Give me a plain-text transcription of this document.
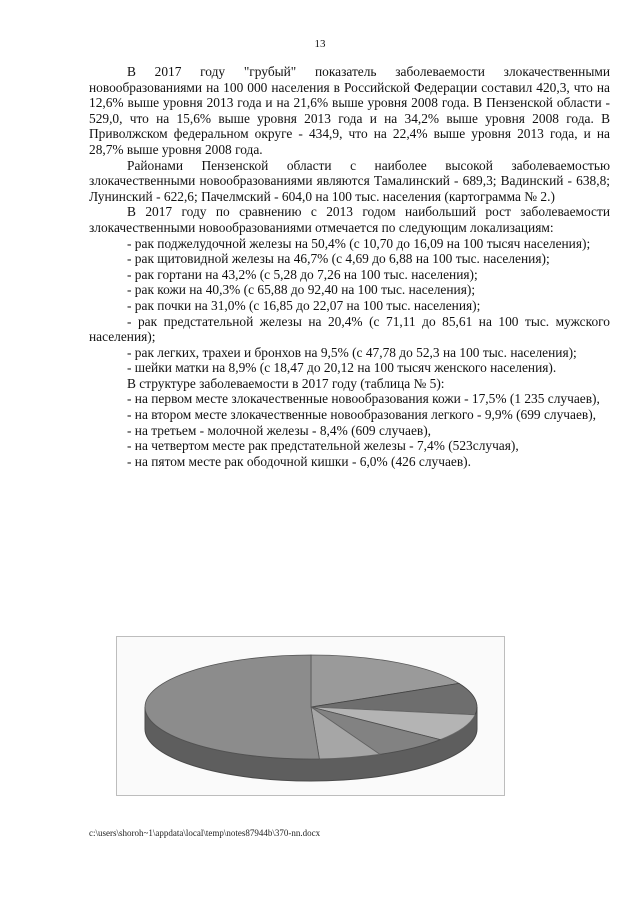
13

В 2017 году "грубый" показатель заболеваемости злокачественными новообразованиями на 100 000 населения в Российской Федерации составил 420,3, что на 12,6% выше уровня 2013 года и на 21,6% выше уровня 2008 года. В Пензенской области - 529,0, что на 15,6% выше уровня 2013 года и на 34,2% выше уровня 2008 года. В Приволжском федеральном округе - 434,9, что на 22,4% выше уровня 2013 года, и на 28,7% выше уровня 2008 года.

Районами Пензенской области с наиболее высокой заболеваемостью злокачественными новообразованиями являются Тамалинский - 689,3; Вадинский - 638,8; Лунинский - 622,6; Пачелмский - 604,0 на 100 тыс. населения (картограмма № 2.)

В 2017 году по сравнению с 2013 годом наибольший рост заболеваемости злокачественными новообразованиями отмечается по следующим локализациям:

- рак поджелудочной железы на 50,4% (с 10,70 до 16,09 на 100 тысяч населения);

- рак щитовидной железы на 46,7% (с 4,69 до 6,88 на 100 тыс. населения);

- рак гортани на 43,2% (с 5,28 до 7,26 на 100 тыс. населения);

- рак кожи на 40,3% (с 65,88 до 92,40 на 100 тыс. населения);

- рак почки на 31,0% (с 16,85 до 22,07 на 100 тыс. населения);

- рак предстательной железы на 20,4% (с 71,11 до 85,61 на 100 тыс. мужского населения);

- рак легких, трахеи и бронхов на 9,5% (с 47,78 до 52,3 на 100 тыс. населения);

- шейки матки на 8,9% (с 18,47 до 20,12 на 100 тысяч женского населения).

В структуре заболеваемости в 2017 году (таблица № 5):

- на первом месте злокачественные новообразования кожи - 17,5% (1 235 случаев),

- на втором месте злокачественные новообразования легкого - 9,9% (699 случаев),

- на третьем - молочной железы - 8,4% (609 случаев),

- на четвертом месте рак предстательной железы - 7,4% (523случая),

- на пятом месте рак ободочной кишки - 6,0% (426 случаев).

c:\users\shoroh~1\appdata\local\temp\notes87944b\370-nn.docx
